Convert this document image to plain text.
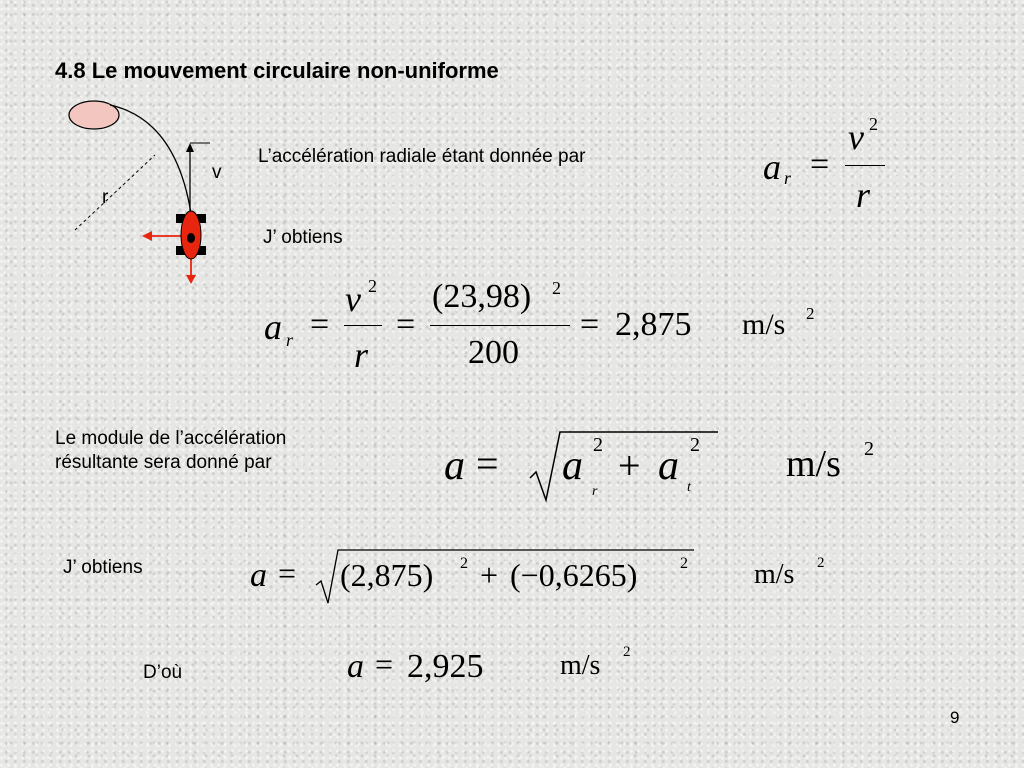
4.8 Le mouvement circulaire non-uniforme
v
r
L’accélération radiale étant donnée par
J’ obtiens
Le module de l’accélération résultante sera donné par
J’ obtiens
D’où
a r =
v 2
r
a r =
v 2
r
=
(23,98) 2
200
= 2,875 m/s 2
a = a 2
r
+ a 2
t
m/s 2
a = (2,875) 2 + (−0,6265)	2 m/s 2
a = 2,925	m/s 2
9
